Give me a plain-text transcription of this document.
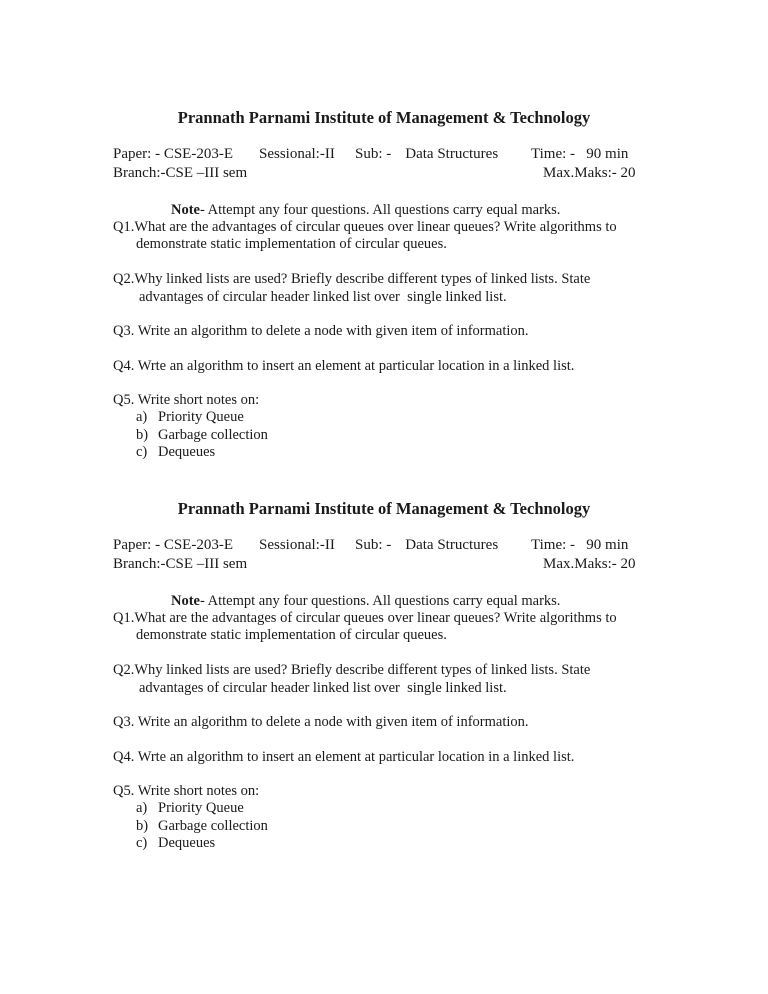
Prannath Parnami Institute of Management & Technology
Paper: - CSE-203-E Sessional:-II Sub: - Data Structures Time: -   90 min
Branch:-CSE –III sem	Max.Maks:- 20
Note- Attempt any four questions. All questions carry equal marks.
Q1.What are the advantages of circular queues over linear queues? Write algorithms to
demonstrate static implementation of circular queues.
Q2.Why linked lists are used? Briefly describe different types of linked lists. State
advantages of circular header linked list over  single linked list.
Q3. Write an algorithm to delete a node with given item of information.
Q4. Wrte an algorithm to insert an element at particular location in a linked list.
Q5. Write short notes on:
a) Priority Queue
b) Garbage collection
c) Dequeues
Prannath Parnami Institute of Management & Technology
Paper: - CSE-203-E Sessional:-II Sub: - Data Structures Time: -   90 min
Branch:-CSE –III sem	Max.Maks:- 20
Note- Attempt any four questions. All questions carry equal marks.
Q1.What are the advantages of circular queues over linear queues? Write algorithms to
demonstrate static implementation of circular queues.
Q2.Why linked lists are used? Briefly describe different types of linked lists. State
advantages of circular header linked list over  single linked list.
Q3. Write an algorithm to delete a node with given item of information.
Q4. Wrte an algorithm to insert an element at particular location in a linked list.
Q5. Write short notes on:
a) Priority Queue
b) Garbage collection
c) Dequeues
